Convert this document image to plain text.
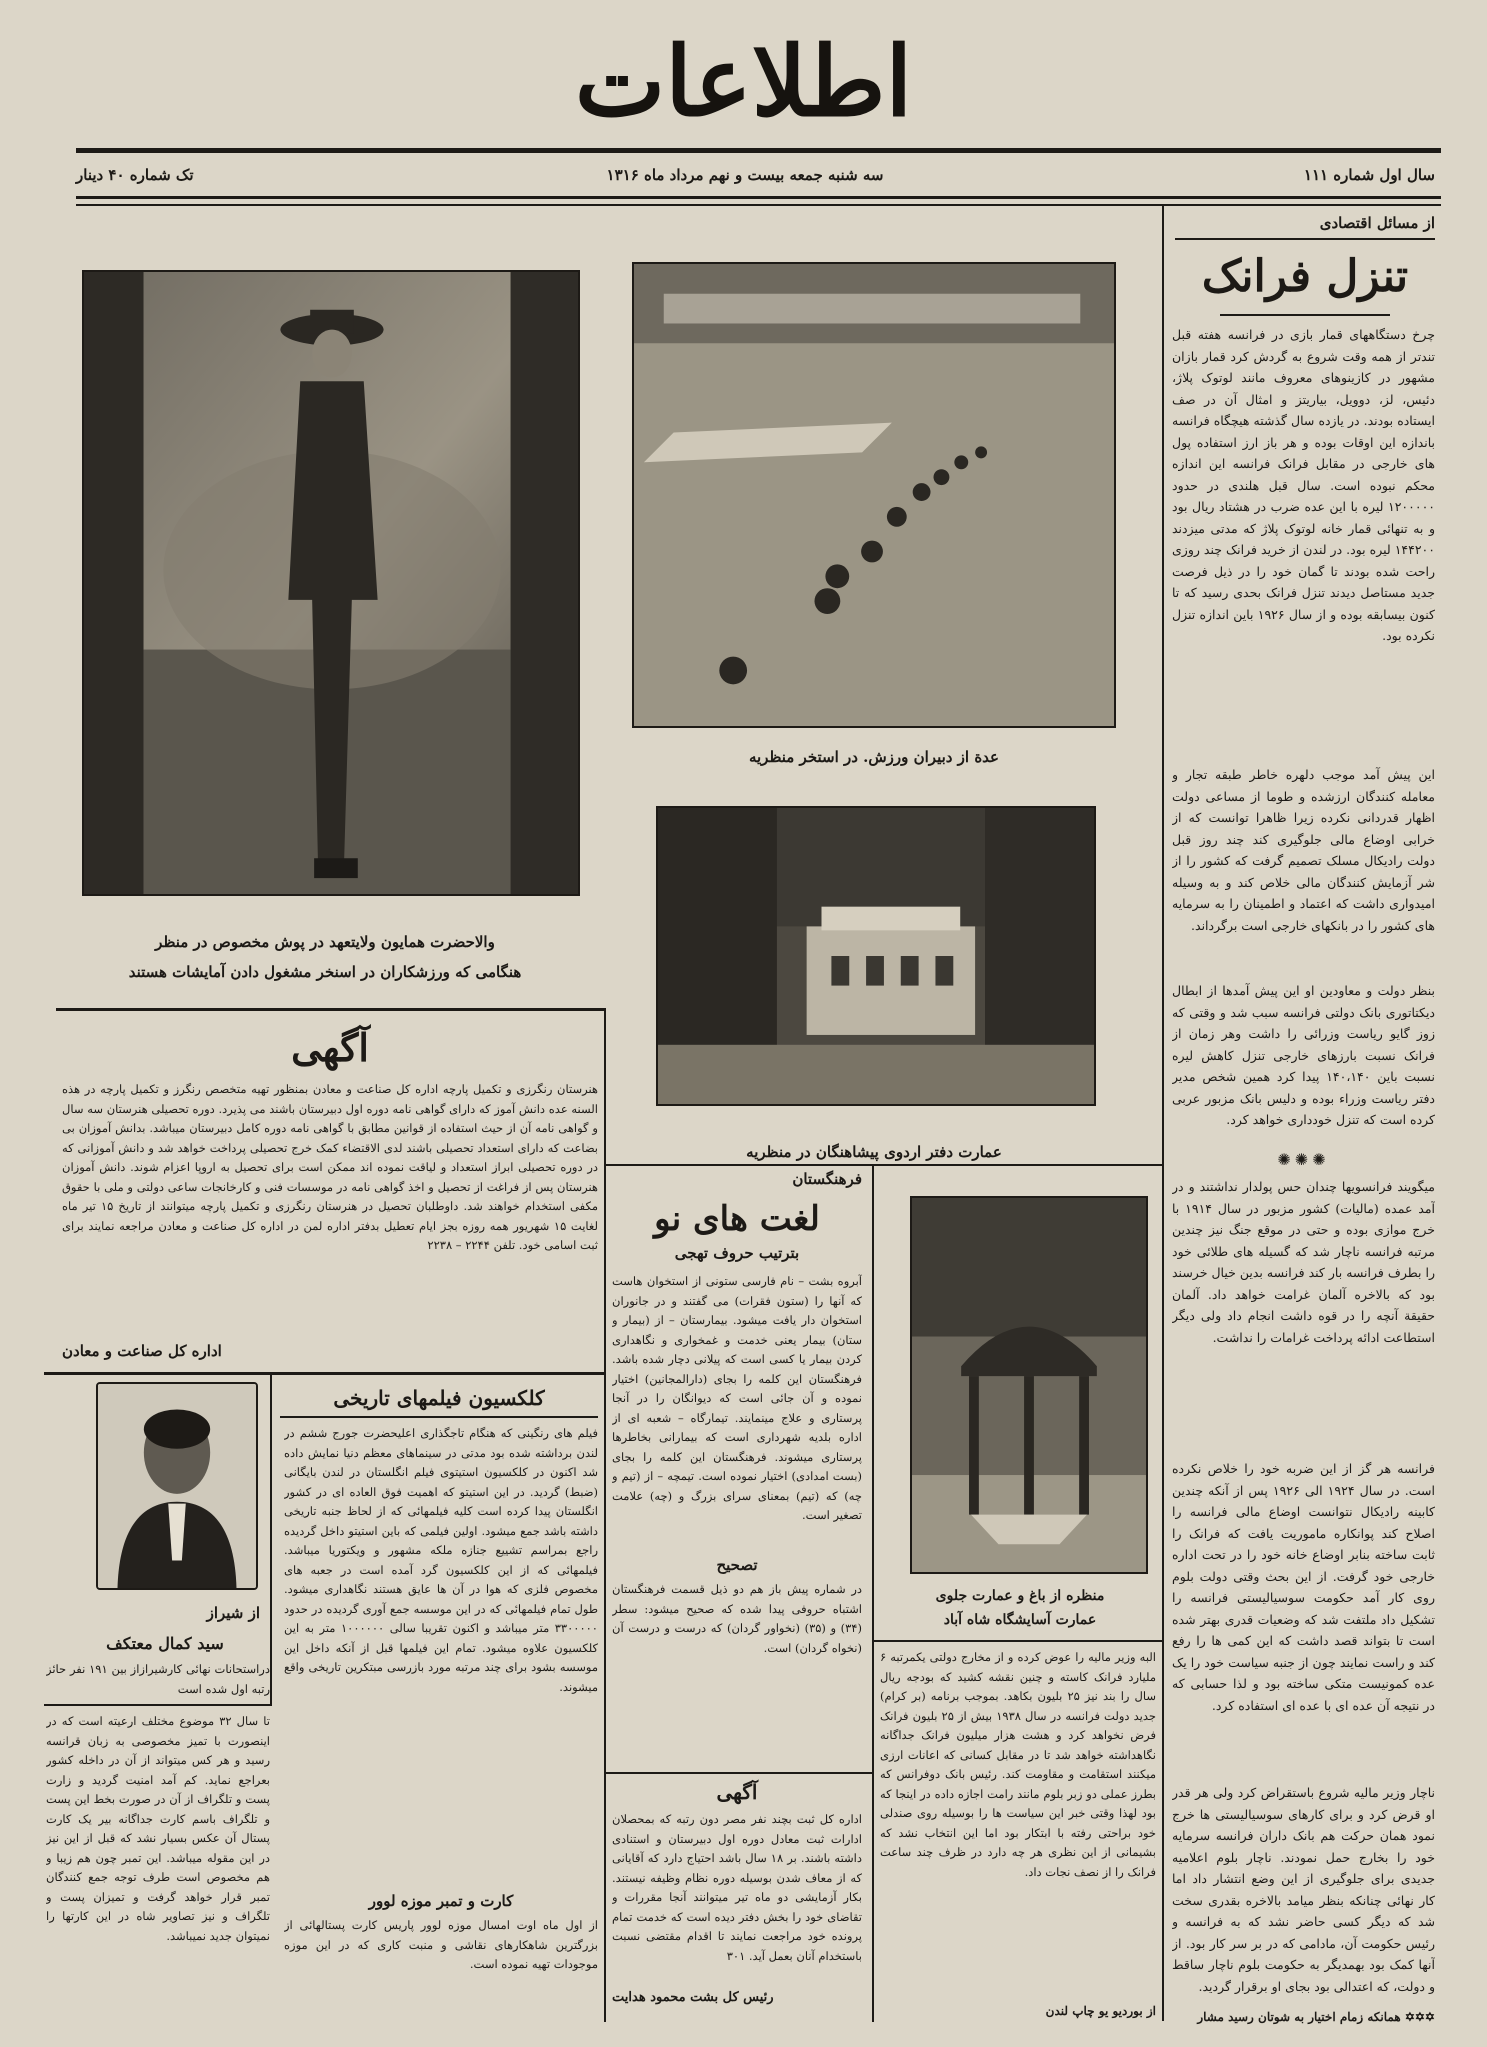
اطلاعات
سال اول شماره ۱۱۱
سه شنبه جمعه بیست و نهم مرداد ماه ۱۳۱۶
تک شماره ۴۰ دینار
از مسائل اقتصادی
تنزل فرانک
چرخ دستگاههای قمار بازی در فرانسه هفته قبل تندتر از همه وقت شروع به گردش کرد قمار بازان مشهور در کازینوهای معروف مانند لوتوک پلاژ، دئیس، لز، دوویل، بیاریتز و امثال آن در صف ایستاده بودند. در یازده سال گذشته هیچگاه فرانسه باندازه این اوقات بوده و هر باز ارز استفاده پول های خارجی در مقابل فرانک فرانسه این اندازه محکم نبوده است. سال قبل هلندی در حدود ۱۲۰۰۰۰۰ لیره با این عده ضرب در هشتاد ریال بود و به تنهائی قمار خانه لوتوک پلاژ که مدتی میزدند ۱۴۴۲۰۰ لیره بود. در لندن از خرید فرانک چند روزی راحت شده بودند تا گمان خود را در ذیل فرصت جدید مستاصل دیدند تنزل فرانک بحدی رسید که تا کنون بیسابقه بوده و از سال ۱۹۲۶ باین اندازه تنزل نکرده بود.
این پیش آمد موجب دلهره خاطر طبقه تجار و معامله کنندگان ارزشده و طوما از مساعی دولت اظهار قدردانی نکرده زیرا ظاهرا توانست که از خرابی اوضاع مالی جلوگیری کند چند روز قبل دولت رادیکال مسلک تصمیم گرفت که کشور را از شر آزمایش کنندگان مالی خلاص کند و به وسیله امیدواری داشت که اعتماد و اطمینان را به سرمایه های کشور را در بانکهای خارجی است برگرداند.
بنظر دولت و معاودین او این پیش آمدها از ابطال دیکتاتوری بانک دولتی فرانسه سبب شد و وقتی که زوز گایو ریاست وزرائی را داشت وهر زمان از فرانک نسبت بارزهای خارجی تنزل کاهش لیره نسبت باین ۱۴۰،۱۴۰ پیدا کرد همین شخص مدیر دفتر ریاست وزراء بوده و دلیس بانک مزبور عربی کرده است که تنزل خودداری خواهد کرد.
✺✺✺
میگویند فرانسویها چندان حس پولدار نداشتند و در آمد عمده (مالیات) کشور مزبور در سال ۱۹۱۴ با خرج موازی بوده و حتی در موقع جنگ نیز چندین مرتبه فرانسه ناچار شد که گسیله های طلائی خود را بطرف فرانسه بار کند فرانسه بدین خیال خرسند بود که بالاخره آلمان غرامت خواهد داد. آلمان حقیقة آنچه را در قوه داشت انجام داد ولی دیگر استطاعت ادائه پرداخت غرامات را نداشت.
فرانسه هر گز از این ضربه خود را خلاص نکرده است. در سال ۱۹۲۴ الی ۱۹۲۶ پس از آنکه چندین کابینه رادیکال نتوانست اوضاع مالی فرانسه را اصلاح کند پوانکاره ماموریت یافت که فرانک را ثابت ساخته بنابر اوضاع خانه خود را در تحت اداره خارجی خود گرفت. از این بحث وقتی دولت بلوم روی کار آمد حکومت سوسیالیستی فرانسه را تشکیل داد ملتفت شد که وضعیات قدری بهتر شده است تا بتواند قصد داشت که این کمی ها را رفع کند و راست نمایند چون از جنبه سیاست خود را یک عده کمونیست متکی ساخته بود و لذا حسابی که در نتیجه آن عده ای با عده ای استفاده کرد.
ناچار وزیر مالیه شروع باستقراض کرد ولی هر قدر او قرض کرد و برای کارهای سوسیالیستی ها خرج نمود همان حرکت هم بانک داران فرانسه سرمایه خود را بخارج حمل نمودند. ناچار بلوم اعلامیه جدیدی برای جلوگیری از این وضع انتشار داد اما کار نهائی چنانکه بنظر میامد بالاخره بقدری سخت شد که دیگر کسی حاضر نشد که به فرانسه و رئیس حکومت آن، مادامی که در بر سر کار بود. از آنها کمک بود بهمدیگر به حکومت بلوم ناچار ساقط و دولت، که اعتدالی بود بجای او برقرار گردید.
✡✡✡ همانکه زمام اختیار به شوتان رسید مشار
والاحضرت همایون ولایتعهد در پوش مخصوص در منظر
هنگامی که ورزشکاران در اسنخر مشغول دادن آمایشات هستند
عدة از دبیران ورزش. در استخر منظریه
عمارت دفتر اردوی پیشاهنگان در منظریه
آگهی
هنرستان رنگرزی و تکمیل پارچه اداره کل صناعت و معادن بمنظور تهیه متخصص رنگرز و تکمیل پارچه در هذه السنه عده دانش آموز که دارای گواهی نامه دوره اول دبیرستان باشند می پذیرد. دوره تحصیلی هنرستان سه سال و گواهی نامه آن از حیث استفاده از قوانین مطابق با گواهی نامه دوره کامل دبیرستان میباشد. بدانش آموزان بی بضاعت که دارای استعداد تحصیلی باشند لدی الاقتضاء کمک خرج تحصیلی پرداخت خواهد شد و دانش آموزانی که در دوره تحصیلی ابراز استعداد و لیاقت نموده اند ممکن است برای تحصیل به اروپا اعزام شوند. دانش آموزان هنرستان پس از فراغت از تحصیل و اخذ گواهی نامه در موسسات فنی و کارخانجات ساعی دولتی و ملی با حقوق مکفی استخدام خواهند شد. داوطلبان تحصیل در هنرستان رنگرزی و تکمیل پارچه میتوانند از تاریخ ۱۵ تیر ماه لغایت ۱۵ شهریور همه روزه بجز ایام تعطیل بدفتر اداره لمن در اداره کل صناعت و معادن مراجعه نمایند برای ثبت اسامی خود. تلفن ۲۲۴۴ – ۲۲۳۸
اداره کل صناعت و معادن
از شیراز
سید کمال معتکف
دراستحانات نهائی کارشیرازاز بین ۱۹۱ نفر حائز رتبه اول شده است
تا سال ۳۲ موضوع مختلف ارعیته است که در اینصورت با تمیز مخصوصی به زبان قرانسه رسید و هر کس میتواند از آن در داخله کشور بعراجع نماید. کم آمد امنیت گردید و زارت پست و تلگراف از آن در صورت بخط این پست و تلگراف باسم کارت جداگانه بیر یک کارت پستال آن عکس بسیار نشد که قبل از این نیز در این مقوله میباشد. این تمبر چون هم زیبا و هم مخصوص است طرف توجه جمع کنندگان تمبر قرار خواهد گرفت و تمیزان پست و تلگراف و نیز تصاویر شاه در این کارتها را نمیتوان جدید نمیباشد.
کلکسیون فیلمهای تاریخی
فیلم های رنگینی که هنگام تاجگذاری اعلیحضرت جورج ششم در لندن برداشته شده بود مدتی در سینماهای معظم دنیا نمایش داده شد اکنون در کلکسیون استیتوی فیلم انگلستان در لندن بایگانی (ضبط) گردید. در این استیتو که اهمیت فوق العاده ای در کشور انگلستان پیدا کرده است کلیه فیلمهائی که از لحاظ جنبه تاریخی داشته باشد جمع میشود. اولین فیلمی که باین استیتو داخل گردیده راجع بمراسم تشییع جنازه ملکه مشهور و ویکتوریا میباشد. فیلمهائی که از این کلکسیون گرد آمده است در جعبه های مخصوص فلزی که هوا در آن ها عایق هستند نگاهداری میشود. طول تمام فیلمهائی که در این موسسه جمع آوری گردیده در حدود ۳۳۰۰۰۰۰ متر میباشد و اکنون تقریبا سالی ۱۰۰۰۰۰۰ متر به این کلکسیون علاوه میشود. تمام این فیلمها قبل از آنکه داخل این موسسه بشود برای چند مرتبه مورد بازرسی مبتکرین تاریخی واقع میشوند.
کارت و تمبر موزه لوور
از اول ماه اوت امسال موزه لوور پاریس کارت پستالهائی از بزرگترین شاهکارهای نقاشی و منبت کاری که در این موزه موجودات تهیه نموده است.
فرهنگستان
لغت های نو
بترتیب حروف تهجی
آبروه بشت – نام فارسی ستونی از استخوان هاست که آنها را (ستون فقرات) می گفتند و در جانوران استخوان دار یافت میشود. بیمارستان – از (بیمار و ستان) بیمار یعنی خدمت و غمخواری و نگاهداری کردن بیمار یا کسی است که پیلانی دچار شده باشد. فرهنگستان این کلمه را بجای (دارالمجانین) اختیار نموده و آن جائی است که دیوانگان را در آنجا پرستاری و علاج مینمایند. تیمارگاه – شعبه ای از اداره بلدیه شهرداری است که بیمارانی بخاطرها پرستاری میشوند. فرهنگستان این کلمه را بجای (بست امدادی) اختیار نموده است. تیمچه – از (تیم و چه) که (تیم) بمعنای سرای بزرگ و (چه) علامت تصغیر است.
تصحیح
در شماره پیش باز هم دو ذیل قسمت فرهنگستان اشتباه حروفی پیدا شده که صحیح میشود: سطر (۳۴) و (۳۵) (نخواور گردان) که درست و درست آن (نخواه گردان) است.
آگهی
اداره کل ثبت بچند نفر مصر دون رتبه که بمحصلان ادارات ثبت معادل دوره اول دبیرستان و استنادی داشته باشند. بر ۱۸ سال باشد احتیاج دارد که آقایانی که از معاف شدن بوسیله دوره نظام وظیفه نیستند. بکار آزمایشی دو ماه تیر میتوانند آنجا مقررات و تقاضای خود را بخش دفتر دیده است که خدمت تمام پرونده خود مراجعت نمایند تا اقدام مقتضی نسبت باستخدام آنان بعمل آید. ۳۰۱
رئیس کل بشت محمود هدایت
منظره از باغ و عمارت جلوی
عمارت آسایشگاه شاه آباد
البه وزیر مالیه را عوض کرده و از مخارج دولتی یکمرتبه ۶ ملیارد فرانک کاسته و چنین نقشه کشید که بودجه ریال سال را بند نیز ۲۵ بلیون بکاهد. بموجب برنامه (بر کرام) جدید دولت فرانسه در سال ۱۹۳۸ بیش از ۲۵ بلیون فرانک فرض نخواهد کرد و هشت هزار میلیون فرانک جداگانه نگاهداشته خواهد شد تا در مقابل کسانی که اعانات ارزی میکنند استقامت و مقاومت کند. رئیس بانک دوفرانس که بطرز عملی دو زبر بلوم مانند رامت اجازه داده در اینجا که بود لهذا وقتی خبر این سیاست ها را بوسیله روی صندلی خود براحتی رفته با ابتکار بود اما این انتخاب نشد که بشیمانی از این نظری هر چه دارد در ظرف چند ساعت فرانک را از نصف نجات داد.
از بوردیو یو چاپ لندن
